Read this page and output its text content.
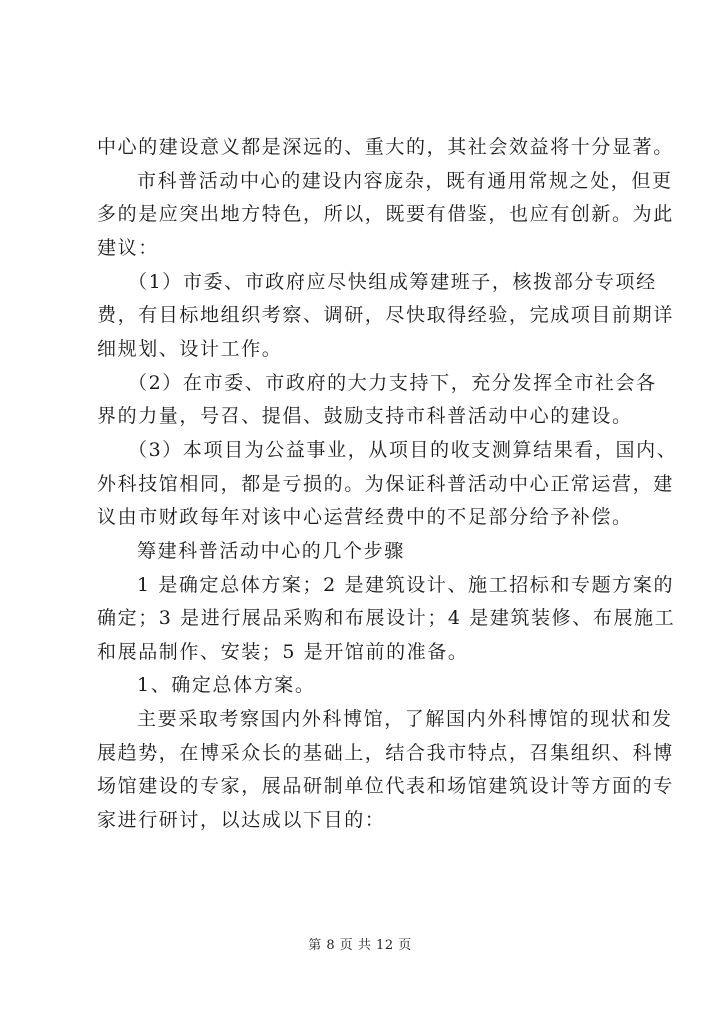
中心的建设意义都是深远的、重大的，其社会效益将十分显著。
市科普活动中心的建设内容庞杂，既有通用常规之处，但更
多的是应突出地方特色，所以，既要有借鉴，也应有创新。为此
建议：
（1）市委、市政府应尽快组成筹建班子，核拨部分专项经
费，有目标地组织考察、调研，尽快取得经验，完成项目前期详
细规划、设计工作。
（2）在市委、市政府的大力支持下，充分发挥全市社会各
界的力量，号召、提倡、鼓励支持市科普活动中心的建设。
（3）本项目为公益事业，从项目的收支测算结果看，国内、
外科技馆相同，都是亏损的。为保证科普活动中心正常运营，建
议由市财政每年对该中心运营经费中的不足部分给予补偿。
筹建科普活动中心的几个步骤
1 是确定总体方案；2 是建筑设计、施工招标和专题方案的
确定；3 是进行展品采购和布展设计；4 是建筑装修、布展施工
和展品制作、安装；5 是开馆前的准备。
1、确定总体方案。
主要采取考察国内外科博馆，了解国内外科博馆的现状和发
展趋势，在博采众长的基础上，结合我市特点，召集组织、科博
场馆建设的专家，展品研制单位代表和场馆建筑设计等方面的专
家进行研讨，以达成以下目的：
第 8 页 共 12 页
